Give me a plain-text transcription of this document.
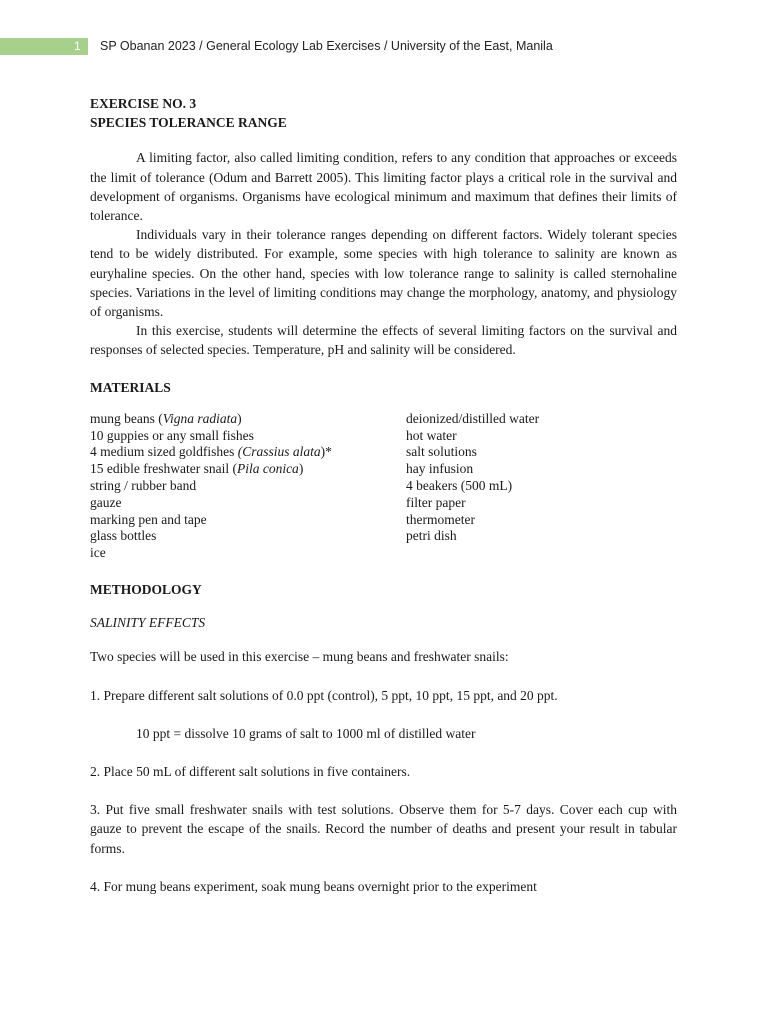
1 SP Obanan 2023 / General Ecology Lab Exercises / University of the East, Manila

EXERCISE NO. 3

SPECIES TOLERANCE RANGE

A limiting factor, also called limiting condition, refers to any condition that approaches or exceeds the limit of tolerance (Odum and Barrett 2005). This limiting factor plays a critical role in the survival and development of organisms. Organisms have ecological minimum and maximum that defines their limits of tolerance.

Individuals vary in their tolerance ranges depending on different factors. Widely tolerant species tend to be widely distributed. For example, some species with high tolerance to salinity are known as euryhaline species. On the other hand, species with low tolerance range to salinity is called sternohaline species. Variations in the level of limiting conditions may change the morphology, anatomy, and physiology of organisms.

In this exercise, students will determine the effects of several limiting factors on the survival and responses of selected species. Temperature, pH and salinity will be considered.

MATERIALS

mung beans (Vigna radiata)
10 guppies or any small fishes
4 medium sized goldfishes (Crassius alata)*
15 edible freshwater snail (Pila conica)
string / rubber band
gauze
marking pen and tape
glass bottles
ice
deionized/distilled water
hot water
salt solutions
hay infusion
4 beakers (500 mL)
filter paper
thermometer
petri dish

METHODOLOGY

SALINITY EFFECTS

Two species will be used in this exercise – mung beans and freshwater snails:

1. Prepare different salt solutions of 0.0 ppt (control), 5 ppt, 10 ppt, 15 ppt, and 20 ppt.

10 ppt = dissolve 10 grams of salt to 1000 ml of distilled water

2. Place 50 mL of different salt solutions in five containers.

3. Put five small freshwater snails with test solutions. Observe them for 5-7 days. Cover each cup with gauze to prevent the escape of the snails. Record the number of deaths and present your result in tabular forms.

4. For mung beans experiment, soak mung beans overnight prior to the experiment
